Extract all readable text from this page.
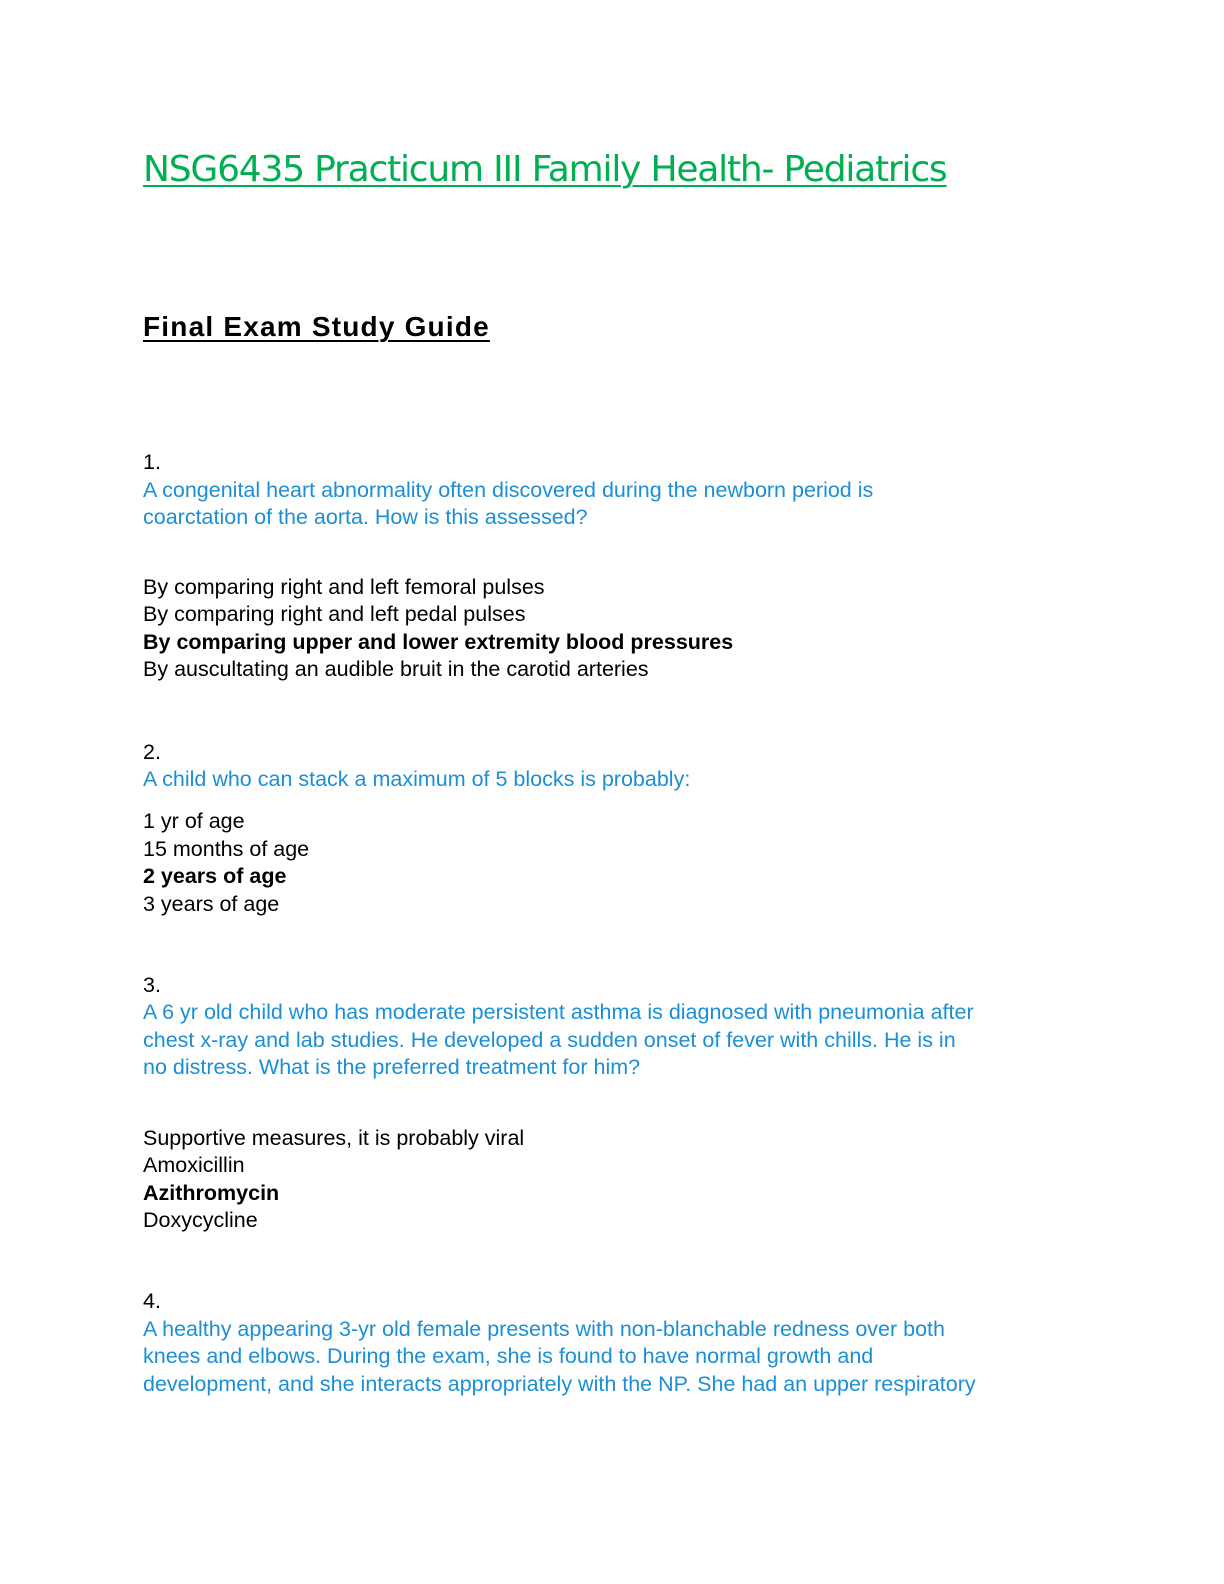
NSG6435 Practicum III Family Health- Pediatrics
Final Exam Study Guide
1.
A congenital heart abnormality often discovered during the newborn period is
coarctation of the aorta. How is this assessed?
By comparing right and left femoral pulses
By comparing right and left pedal pulses
By comparing upper and lower extremity blood pressures
By auscultating an audible bruit in the carotid arteries
2.
A child who can stack a maximum of 5 blocks is probably:
1 yr of age
15 months of age
2 years of age
3 years of age
3.
A 6 yr old child who has moderate persistent asthma is diagnosed with pneumonia after
chest x-ray and lab studies. He developed a sudden onset of fever with chills. He is in
no distress. What is the preferred treatment for him?
Supportive measures, it is probably viral
Amoxicillin
Azithromycin
Doxycycline
4.
A healthy appearing 3-yr old female presents with non-blanchable redness over both
knees and elbows. During the exam, she is found to have normal growth and
development, and she interacts appropriately with the NP. She had an upper respiratory
